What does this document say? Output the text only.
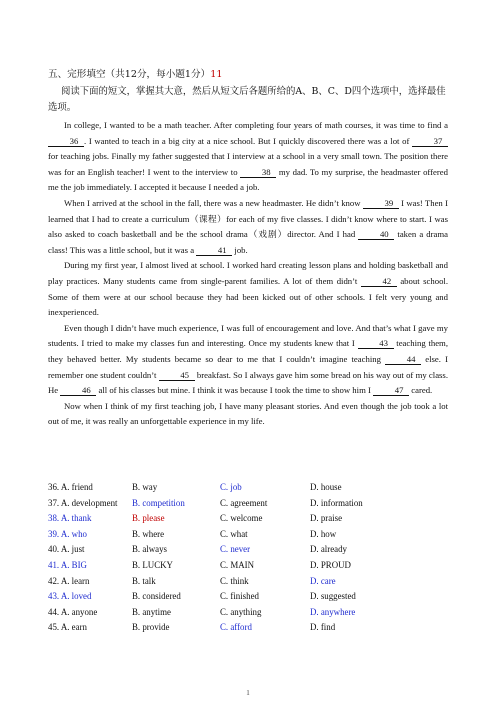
五、完形填空（共12分，每小题1分）11
阅读下面的短文，掌握其大意，然后从短文后各题所给的A、B、C、D四个选项中，选择最佳选项。

In college, I wanted to be a math teacher. After completing four years of math courses, it was time to find a 36 . I wanted to teach in a big city at a nice school. But I quickly discovered there was a lot of 37 for teaching jobs. Finally my father suggested that I interview at a school in a very small town. The position there was for an English teacher! I went to the interview to 38 my dad. To my surprise, the headmaster offered me the job immediately. I accepted it because I needed a job.

When I arrived at the school in the fall, there was a new headmaster. He didn’t know 39 I was! Then I learned that I had to create a curriculum（课程）for each of my five classes. I didn’t know where to start. I was also asked to coach basketball and be the school drama（戏剧）director. And I had 40 taken a drama class! This was a little school, but it was a 41 job.

During my first year, I almost lived at school. I worked hard creating lesson plans and holding basketball and play practices. Many students came from single-parent families. A lot of them didn’t 42 about school. Some of them were at our school because they had been kicked out of other schools. I felt very young and inexperienced.

Even though I didn’t have much experience, I was full of encouragement and love. And that’s what I gave my students. I tried to make my classes fun and interesting. Once my students knew that I 43 teaching them, they behaved better. My students became so dear to me that I couldn’t imagine teaching 44 else. I remember one student couldn’t 45 breakfast. So I always gave him some bread on his way out of my class. He 46 all of his classes but mine. I think it was because I took the time to show him I 47 cared.

Now when I think of my first teaching job, I have many pleasant stories. And even though the job took a lot out of me, it was really an unforgettable experience in my life.

36. A. friend	B. way	C. job	D. house
37. A. development B. competition	C. agreement	D. information
38. A. thank	B. please	C. welcome	D. praise
39. A. who	B. where	C. what	D. how
40. A. just	B. always	C. never	D. already
41. A. BIG	B. LUCKY	C. MAIN	D. PROUD
42. A. learn	B. talk	C. think	D. care
43. A. loved	B. considered	C. finished	D. suggested
44. A. anyone	B. anytime	C. anything	D. anywhere
45. A. earn	B. provide	C. afford	D. find
1
